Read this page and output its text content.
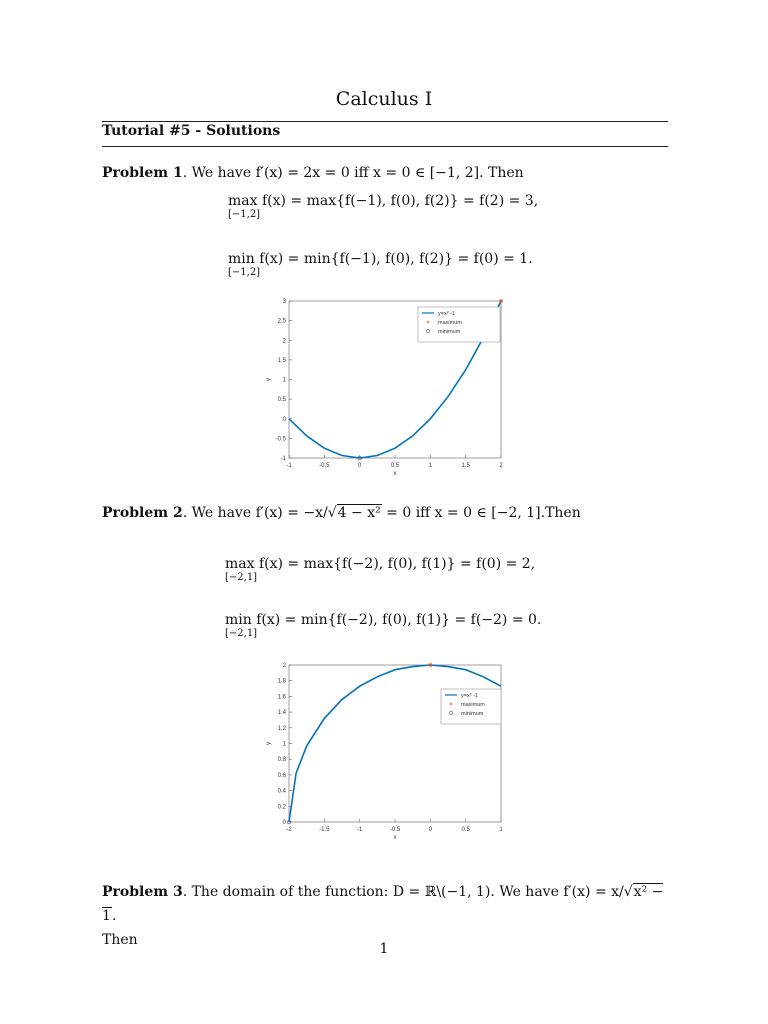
Calculus I
Tutorial #5 - Solutions
Problem 1. We have f′(x) = 2x = 0 iff x = 0 ∈ [−1, 2]. Then
max
[−1,2]
f(x) = max{f(−1), f(0), f(2)} = f(2) = 3,
min
[−1,2]
f(x) = min{f(−1), f(0), f(2)} = f(0) = 1.
-1	-0.5	0	0.5	1	1.5	2
-1
-0.5
0
0.5
1
1.5
2
2.5
3
x
y
y=x² -1
maximum
minimum
Problem 2. We have f′(x) = −x/√4 − x² = 0 iff x = 0 ∈ [−2, 1].Then
max
[−2,1]
f(x) = max{f(−2), f(0), f(1)} = f(0) = 2,
min
[−2,1]
f(x) = min{f(−2), f(0), f(1)} = f(−2) = 0.
-2	-1.5	-1	-0.5	0	0.5	1
0
0.2
0.4
0.6
0.8
1
1.2
1.4
1.6
1.8
2
x
y
y=x² -1
maximum
minimum
Problem 3. The domain of the function: D = ℝ\(−1, 1). We have f′(x) = x/√x² − 1.
Then
1
